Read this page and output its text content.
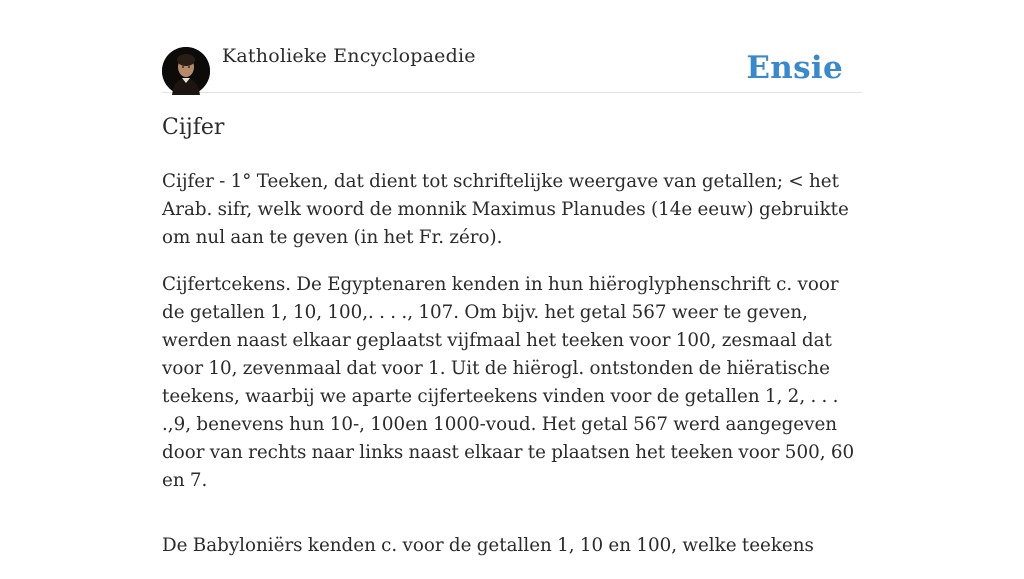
Katholieke Encyclopaedie	Ensie
Cijfer

Cijfer - 1° Teeken, dat dient tot schriftelijke weergave van getallen; < het Arab. sifr, welk woord de monnik Maximus Planudes (14e eeuw) gebruikte om nul aan te geven (in het Fr. zéro).

Cijfertcekens. De Egyptenaren kenden in hun hiëroglyphenschrift c. voor de getallen 1, 10, 100,. . . ., 107. Om bijv. het getal 567 weer te geven, werden naast elkaar geplaatst vijfmaal het teeken voor 100, zesmaal dat voor 10, zevenmaal dat voor 1. Uit de hiërogl. ontstonden de hiëratische teekens, waarbij we aparte cijferteekens vinden voor de getallen 1, 2, . . . .,9, benevens hun 10-, 100en 1000-voud. Het getal 567 werd aangegeven door van rechts naar links naast elkaar te plaatsen het teeken voor 500, 60 en 7.

De Babyloniërs kenden c. voor de getallen 1, 10 en 100, welke teekens
